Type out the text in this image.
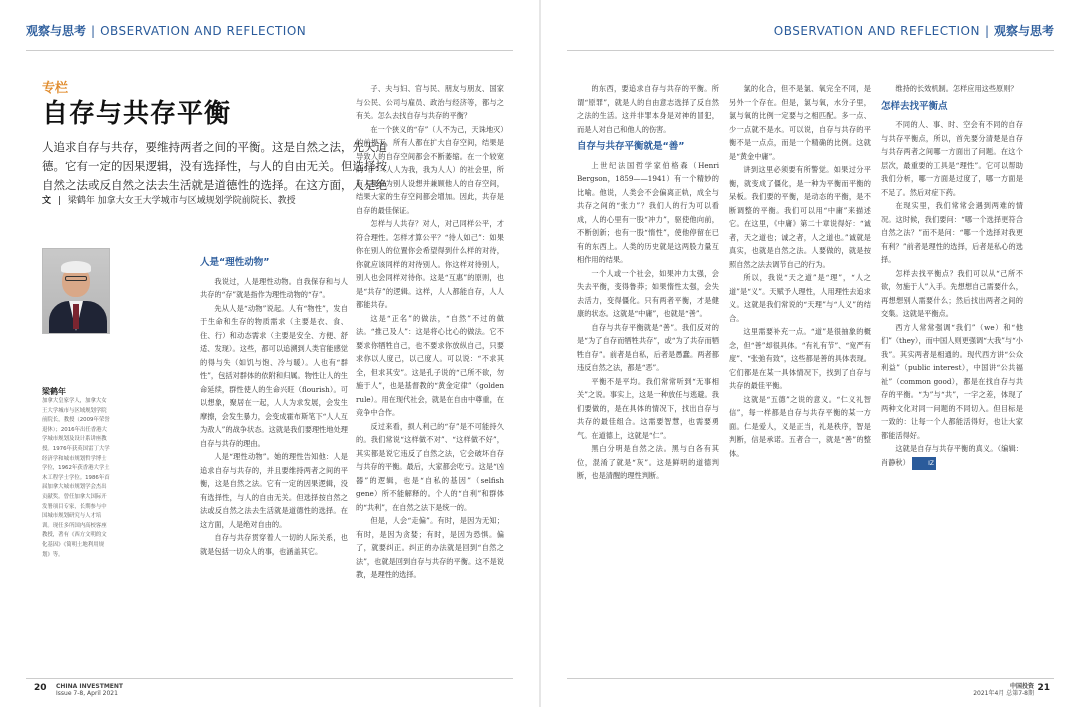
观察与思考 | OBSERVATION AND REFLECTION
专栏
自存与共存平衡
人追求自存与共存，要维持两者之间的平衡。这是自然之法，先天道德。它有一定的因果逻辑，没有选择性，与人的自由无关。但选择按自然之法或反自然之法去生活就是道德性的选择。在这方面，人是绝
文 | 梁鹤年 加拿大女王大学城市与区域规划学院前院长、教授
梁鹤年
加拿大皇家学人，加拿大女王大学城市与区域规划学院前院长，教授（2009年荣誉退休）；2016年出任香港大学城市规划及设计系讲座教授。1976年获英国雷丁大学经济学和城市规划哲学博士学位，1962年获香港大学土木工程学士学位。1986年首届加拿大城市规划学会杰出贡献奖。曾任加拿大国际开发署项目专家，长期参与中国城市规划研究与人才培训。现任多所国内高校客座教授，著有《西方文明的文化基因》《简明土地利用规划》等。
人是“理性动物”

我说过，人是理性动物。自我保存和与人共存的“存”就是指作为理性动物的“存”。

先从人是“动物”说起。人有“物性”，发自于生命和生存的物质需求（主要是衣、食、住、行）和动态需求（主要是安全、方便、舒适、发现）。这些，都可以追溯到人类官能感觉的得与失（如饥与饱、冷与暖）。人也有“群性”，包括对群体的依附和归属。物性让人的生命延续，群性使人的生命兴旺（flourish）。可以想象，聚居在一起，人人为求发展，会发生摩擦，会发生暴力，会变成霍布斯笔下“人人互为敌人”的战争状态。这就是我们要理性地处理自存与共存的理由。

人是“理性动物”。她的理性告知他：人是追求自存与共存的，并且要维持两者之间的平衡，这是自然之法。它有一定的因果逻辑，没有选择性，与人的自由无关。但选择按自然之法或反自然之法去生活就是道德性的选择。在这方面，人是绝对自由的。

自存与共存贯穿着人一切的人际关系，也就是包括一切众人的事，也涵盖其它。

子、夫与妇、官与民、朋友与朋友、国家与公民、公司与雇员、政治与经济等，都与之有关。怎么去找自存与共存的平衡？

在一个狭义的“存”（人不为己，天诛地灭）的前提下，所有人都在扩大自存空间，结果是导致人的自存空间都会不断萎缩。在一个较宽的“存”（人人为我，我为人人）的社会里，所有人都会为别人设想并兼顾他人的自存空间，结果大家的生存空间都会增加。因此，共存是自存的最佳保证。

怎样与人共存？对人，对己同样公平，才符合理性。怎样才算公平？“待人如己”：如果你在别人的位置你会希望得到什么样的对待，你就应该同样的对待别人。你这样对待别人，别人也会同样对待你。这是“互惠”的原则，也是“共存”的逻辑。这样，人人都能自存，人人都能共存。

这是“正名”的做法，“自然”不过的做法。“推己及人”：这是将心比心的做法。它不要求你牺牲自己，也不要求你放纵自己，只要求你以人度己，以己度人。可以说：“不求其全，但求其安”。这是孔子说的“己所不欲，勿施于人”，也是基督教的“黄金定律”（golden rule）。用在现代社会，就是在自由中尊重，在竞争中合作。

反过来看，损人利己的“存”是不可能持久的。我们常说“这样做不对”、“这样做不好”，其实都是说它违反了自然之法，它会破坏自存与共存的平衡。最后，大家都会吃亏。这是“凶器”的逻辑，也是“自私的基因”（selfish gene）所不能解释的。个人的“自利”和群体的“共利”，在自然之法下是统一的。

但是，人会“走偏”。有时，是因为无知；有时，是因为贪婪；有时，是因为恐惧。偏了，就要纠正。纠正的办法就是回到“自然之法”，也就是回到自存与共存的平衡。这不是说教，是理性的选择。

20 CHINA INVESTMENT
Issue 7-8, April 2021
OBSERVATION AND REFLECTION | 观察与思考
中国投资
2021年4月 总第7-8期
21

的东西，要追求自存与共存的平衡。所谓“原罪”，就是人的自由意志选择了反自然之法的生活。这并非罪本身是对神的冒犯，而是人对自己和他人的伤害。

自存与共存平衡就是“善”

上世纪法国哲学家伯格森（Henri Bergson，1859——1941）有一个精妙的比喻。他说，人类会不会偏离正轨，成全与共存之间的“张力”？我们人的行为可以看成，人的心里有一股“冲力”，驱使他向前，不断创新；也有一股“惰性”，使他停留在已有的东西上。人类的历史就是这两股力量互相作用的结果。

一个人或一个社会，如果冲力太强，会失去平衡，变得鲁莽；如果惰性太强，会失去活力，变得僵化。只有两者平衡，才是健康的状态。这就是“中庸”，也就是“善”。

自存与共存平衡就是“善”。我们反对的是“为了自存而牺牲共存”，或“为了共存而牺牲自存”。前者是自私，后者是愚蠢。两者都违反自然之法，都是“恶”。

平衡不是平均。我们常常听到“无事相关”之说。事实上，这是一种放任与逃避。我们要做的，是在具体的情况下，找出自存与共存的最佳组合。这需要智慧，也需要勇气。在道德上，这就是“仁”。

黑白分明是自然之法。黑与白各有其位，混淆了就是“灰”。这是鲜明的道德判断，也是清醒的理性判断。

氯的化合，但不是氯、氧完全不同，是另外一个存在。但是，氯与氧，水分子里，氯与氧的比例一定要与之相匹配。多一点、少一点就不是水。可以说，自存与共存的平衡不是一点点，而是一个精确的比例。这就是“黄金中庸”。

讲到这里必须要有所警觉。如果过分平衡，就变成了僵化，是一种为平衡而平衡的呆板。我们要的平衡，是动态的平衡，是不断调整的平衡。我们可以用“中庸”来描述它。在这里，《中庸》第二十章说得好：“诚者，天之道也；诚之者，人之道也。”诚就是真实，也就是自然之法。人要做的，就是按照自然之法去调节自己的行为。

所以，我说“天之道”是“理”，“人之道”是“义”。天赋予人理性，人用理性去追求义。这就是我们常说的“天理”与“人义”的结合。

这里需要补充一点。“道”是很抽象的概念，但“善”却很具体。“有礼有节”、“宽严有度”、“张弛有致”，这些都是善的具体表现。它们都是在某一具体情况下，找到了自存与共存的最佳平衡。

这就是“五德”之说的意义。“仁义礼智信”，每一样都是自存与共存平衡的某一方面。仁是爱人，义是正当，礼是秩序，智是判断，信是承诺。五者合一，就是“善”的整体。

维持的长效机制。怎样应用这些原则？

怎样去找平衡点

不同的人、事、时、空会有不同的自存与共存平衡点，所以，首先要分清楚是自存与共存两者之间哪一方面出了问题。在这个层次，最重要的工具是“理性”。它可以帮助我们分析，哪一方面是过度了，哪一方面是不足了。然后对症下药。

在现实里，我们常常会遇到两难的情况。这时候，我们要问：“哪一个选择更符合自然之法？”而不是问：“哪一个选择对我更有利？”前者是理性的选择，后者是私心的选择。

怎样去找平衡点？我们可以从“己所不欲，勿施于人”入手。先想想自己需要什么，再想想别人需要什么；然后找出两者之间的交集。这就是平衡点。

西方人常常强调“我们”（we）和“他们”（they），而中国人则更强调“大我”与“小我”。其实两者是相通的。现代西方讲“公众利益”（public interest），中国讲“公共福祉”（common good），都是在找自存与共存的平衡。“为”与“共”，一字之差，体现了两种文化对同一问题的不同切入。但目标是一致的：让每一个人都能活得好，也让大家都能活得好。

这就是自存与共存平衡的真义。（编辑：肖静秋）	IZ
